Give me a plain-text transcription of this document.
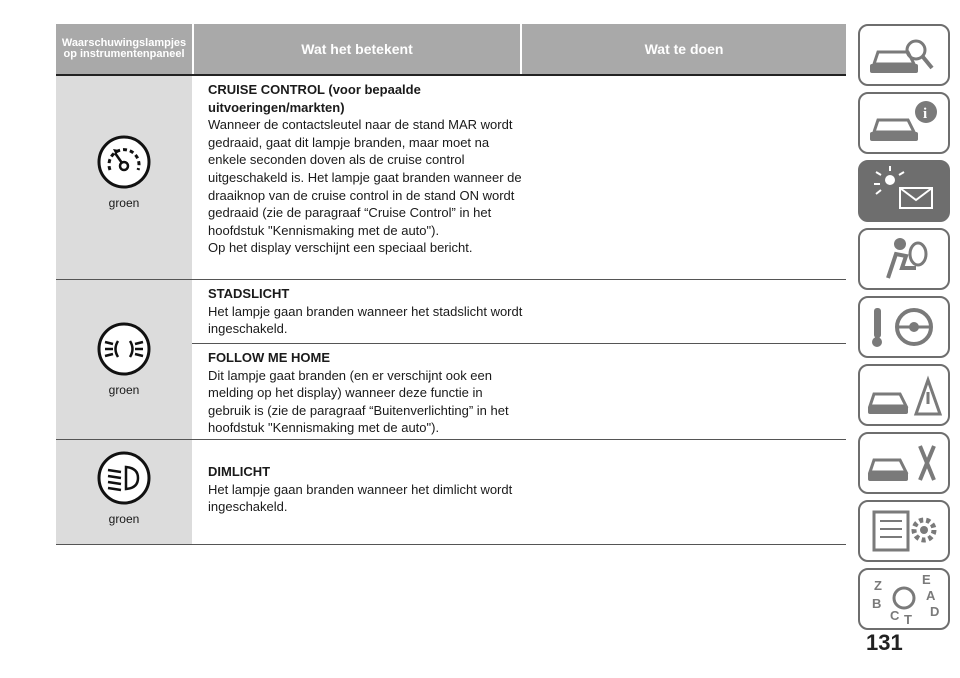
Waarschuwingslampjes op instrumentenpaneel	Wat het betekent	Wat te doen
groen
CRUISE CONTROL (voor bepaalde uitvoeringen/markten)
Wanneer de contactsleutel naar de stand MAR wordt gedraaid, gaat dit lampje branden, maar moet na enkele seconden doven als de cruise control uitgeschakeld is. Het lampje gaat branden wanneer de draaiknop van de cruise control in de stand ON wordt gedraaid (zie de paragraaf “Cruise Control” in het hoofdstuk "Kennismaking met de auto").
Op het display verschijnt een speciaal bericht.
groen
STADSLICHT
Het lampje gaan branden wanneer het stadslicht wordt ingeschakeld.
FOLLOW ME HOME
Dit lampje gaat branden (en er verschijnt ook een melding op het display) wanneer deze functie in gebruik is (zie de paragraaf “Buitenverlichting” in het hoofdstuk "Kennismaking met de auto").
groen
DIMLICHT
Het lampje gaan branden wanneer het dimlicht wordt ingeschakeld.
i
Z	E
A
B
D
C T
131
